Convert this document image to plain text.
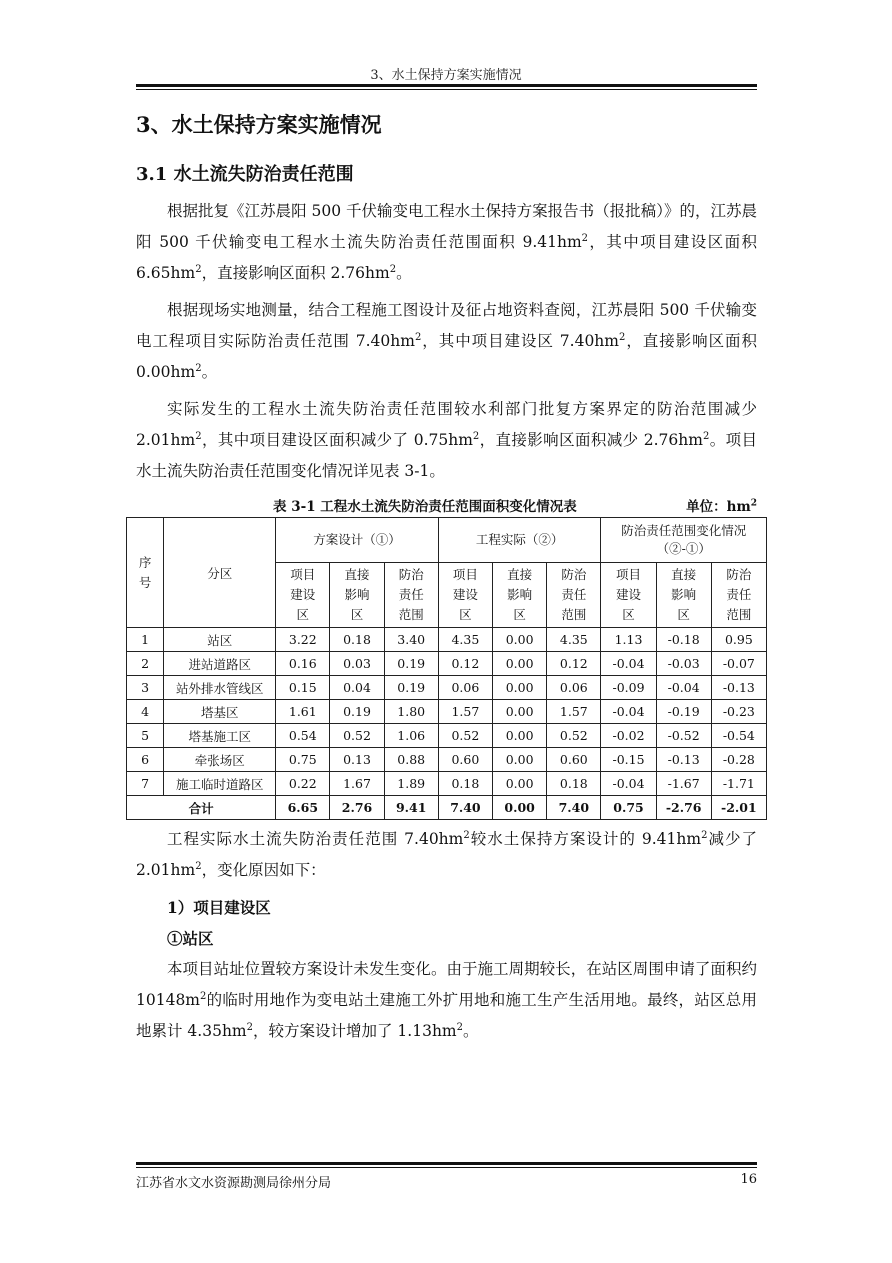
3、水土保持方案实施情况
3、水土保持方案实施情况
3.1 水土流失防治责任范围

根据批复《江苏晨阳 500 千伏输变电工程水土保持方案报告书（报批稿）》的，江苏晨阳 500 千伏输变电工程水土流失防治责任范围面积 $9.41hm^2$，其中项目建设区面积 $6.65hm^2$，直接影响区面积 $2.76hm^2$。

根据现场实地测量，结合工程施工图设计及征占地资料查阅，江苏晨阳 500 千伏输变电工程项目实际防治责任范围 $7.40hm^2$，其中项目建设区 $7.40hm^2$，直接影响区面积 $0.00hm^2$。

实际发生的工程水土流失防治责任范围较水利部门批复方案界定的防治范围减少 $2.01hm^2$，其中项目建设区面积减少了 $0.75hm^2$，直接影响区面积减少 $2.76hm^2$。项目水土流失防治责任范围变化情况详见表 3-1。

表 3-1 工程水土流失防治责任范围面积变化情况表	单位：$hm^2$
序号	分区	方案设计（①）			工程实际（②）			防治责任范围变化情况（②-①）		
		项目建设区	直接影响区	防治责任范围	项目建设区	直接影响区	防治责任范围	项目建设区	直接影响区	防治责任范围
1	站区	3.22	0.18	3.40	4.35	0.00	4.35	1.13	-0.18	0.95
2	进站道路区	0.16	0.03	0.19	0.12	0.00	0.12	-0.04	-0.03	-0.07
3	站外排水管线区	0.15	0.04	0.19	0.06	0.00	0.06	-0.09	-0.04	-0.13
4	塔基区	1.61	0.19	1.80	1.57	0.00	1.57	-0.04	-0.19	-0.23
5	塔基施工区	0.54	0.52	1.06	0.52	0.00	0.52	-0.02	-0.52	-0.54
6	牵张场区	0.75	0.13	0.88	0.60	0.00	0.60	-0.15	-0.13	-0.28
7	施工临时道路区	0.22	1.67	1.89	0.18	0.00	0.18	-0.04	-1.67	-1.71
合计		6.65	2.76	9.41	7.40	0.00	7.40	0.75	-2.76	-2.01

工程实际水土流失防治责任范围 $7.40hm^2$较水土保持方案设计的 $9.41hm^2$减少了 $2.01hm^2$，变化原因如下：

1）项目建设区

①站区

本项目站址位置较方案设计未发生变化。由于施工周期较长，在站区周围申请了面积约 $10148m^2$的临时用地作为变电站土建施工外扩用地和施工生产生活用地。最终，站区总用地累计 $4.35hm^2$，较方案设计增加了 $1.13hm^2$。

江苏省水文水资源勘测局徐州分局	16
